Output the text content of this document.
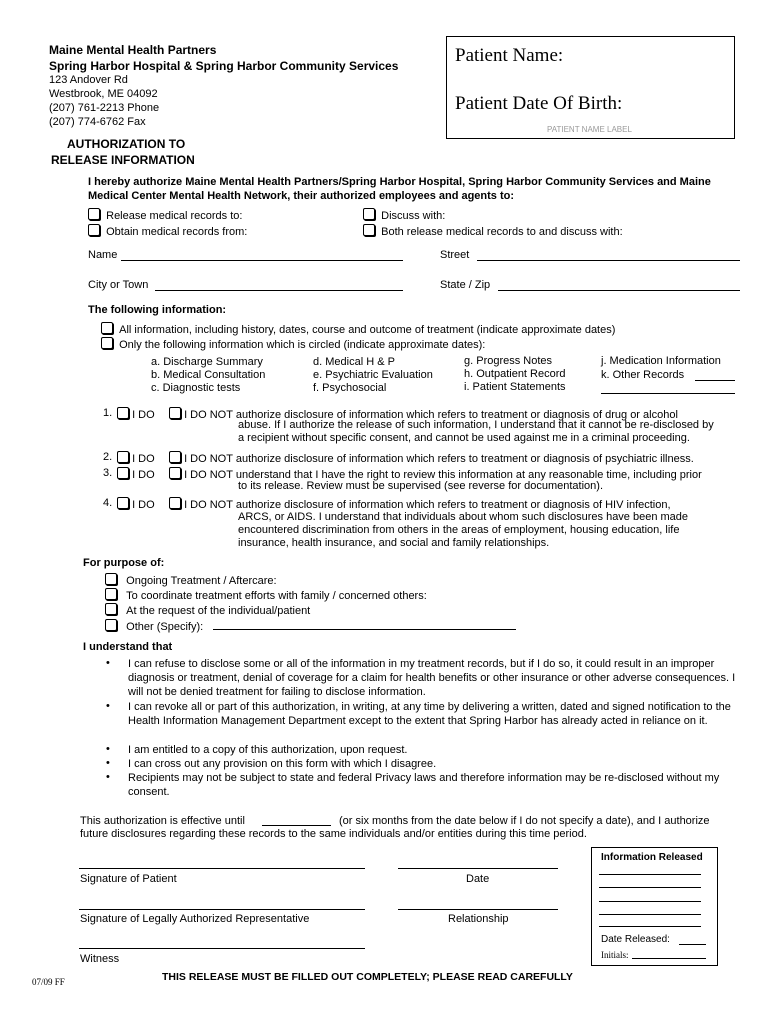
Maine Mental Health Partners
Spring Harbor Hospital & Spring Harbor Community Services
123 Andover Rd
Westbrook, ME 04092
(207) 761-2213 Phone
(207) 774-6762 Fax
Patient Name:
Patient Date Of Birth:
PATIENT NAME LABEL
AUTHORIZATION TO
RELEASE INFORMATION
I hereby authorize Maine Mental Health Partners/Spring Harbor Hospital, Spring Harbor Community Services and Maine Medical Center Mental Health Network, their authorized employees and agents to:
Release medical records to:
Obtain medical records from:
Discuss with:
Both release medical records to and discuss with:
Name	Street
City or Town	State / Zip
The following information:
All information, including history, dates, course and outcome of treatment (indicate approximate dates)
Only the following information which is circled (indicate approximate dates):
a. Discharge Summary
b. Medical Consultation
c. Diagnostic tests
d. Medical H & P
e. Psychiatric Evaluation
f. Psychosocial
g. Progress Notes
h. Outpatient Record
i. Patient Statements
j. Medication Information
k. Other Records
1.	I DO	I DO NOT authorize disclosure of information which refers to treatment or diagnosis of drug or alcohol
abuse. If I authorize the release of such information, I understand that it cannot be re-disclosed by
a recipient without specific consent, and cannot be used against me in a criminal proceeding.
2.	I DO	I DO NOT authorize disclosure of information which refers to treatment or diagnosis of psychiatric illness.
3.	I DO	I DO NOT understand that I have the right to review this information at any reasonable time, including prior
to its release. Review must be supervised (see reverse for documentation).
4.	I DO	I DO NOT authorize disclosure of information which refers to treatment or diagnosis of HIV infection,
ARCS, or AIDS. I understand that individuals about whom such disclosures have been made
encountered discrimination from others in the areas of employment, housing education, life
insurance, health insurance, and social and family relationships.
For purpose of:
Ongoing Treatment / Aftercare:
To coordinate treatment efforts with family / concerned others:
At the request of the individual/patient
Other (Specify):
I understand that
• I can refuse to disclose some or all of the information in my treatment records, but if I do so, it could result in an improper diagnosis or treatment, denial of coverage for a claim for health benefits or other insurance or other adverse consequences. I will not be denied treatment for failing to disclose information.
• I can revoke all or part of this authorization, in writing, at any time by delivering a written, dated and signed notification to the Health Information Management Department except to the extent that Spring Harbor has already acted in reliance on it.
• I am entitled to a copy of this authorization, upon request.
• I can cross out any provision on this form with which I disagree.
• Recipients may not be subject to state and federal Privacy laws and therefore information may be re-disclosed without my consent.
This authorization is effective until	(or six months from the date below if I do not specify a date), and I authorize
future disclosures regarding these records to the same individuals and/or entities during this time period.
Signature of Patient	Date
Signature of Legally Authorized Representative	Relationship
Witness
Information Released
Date Released:
Initials:
THIS RELEASE MUST BE FILLED OUT COMPLETELY; PLEASE READ CAREFULLY
07/09 FF
